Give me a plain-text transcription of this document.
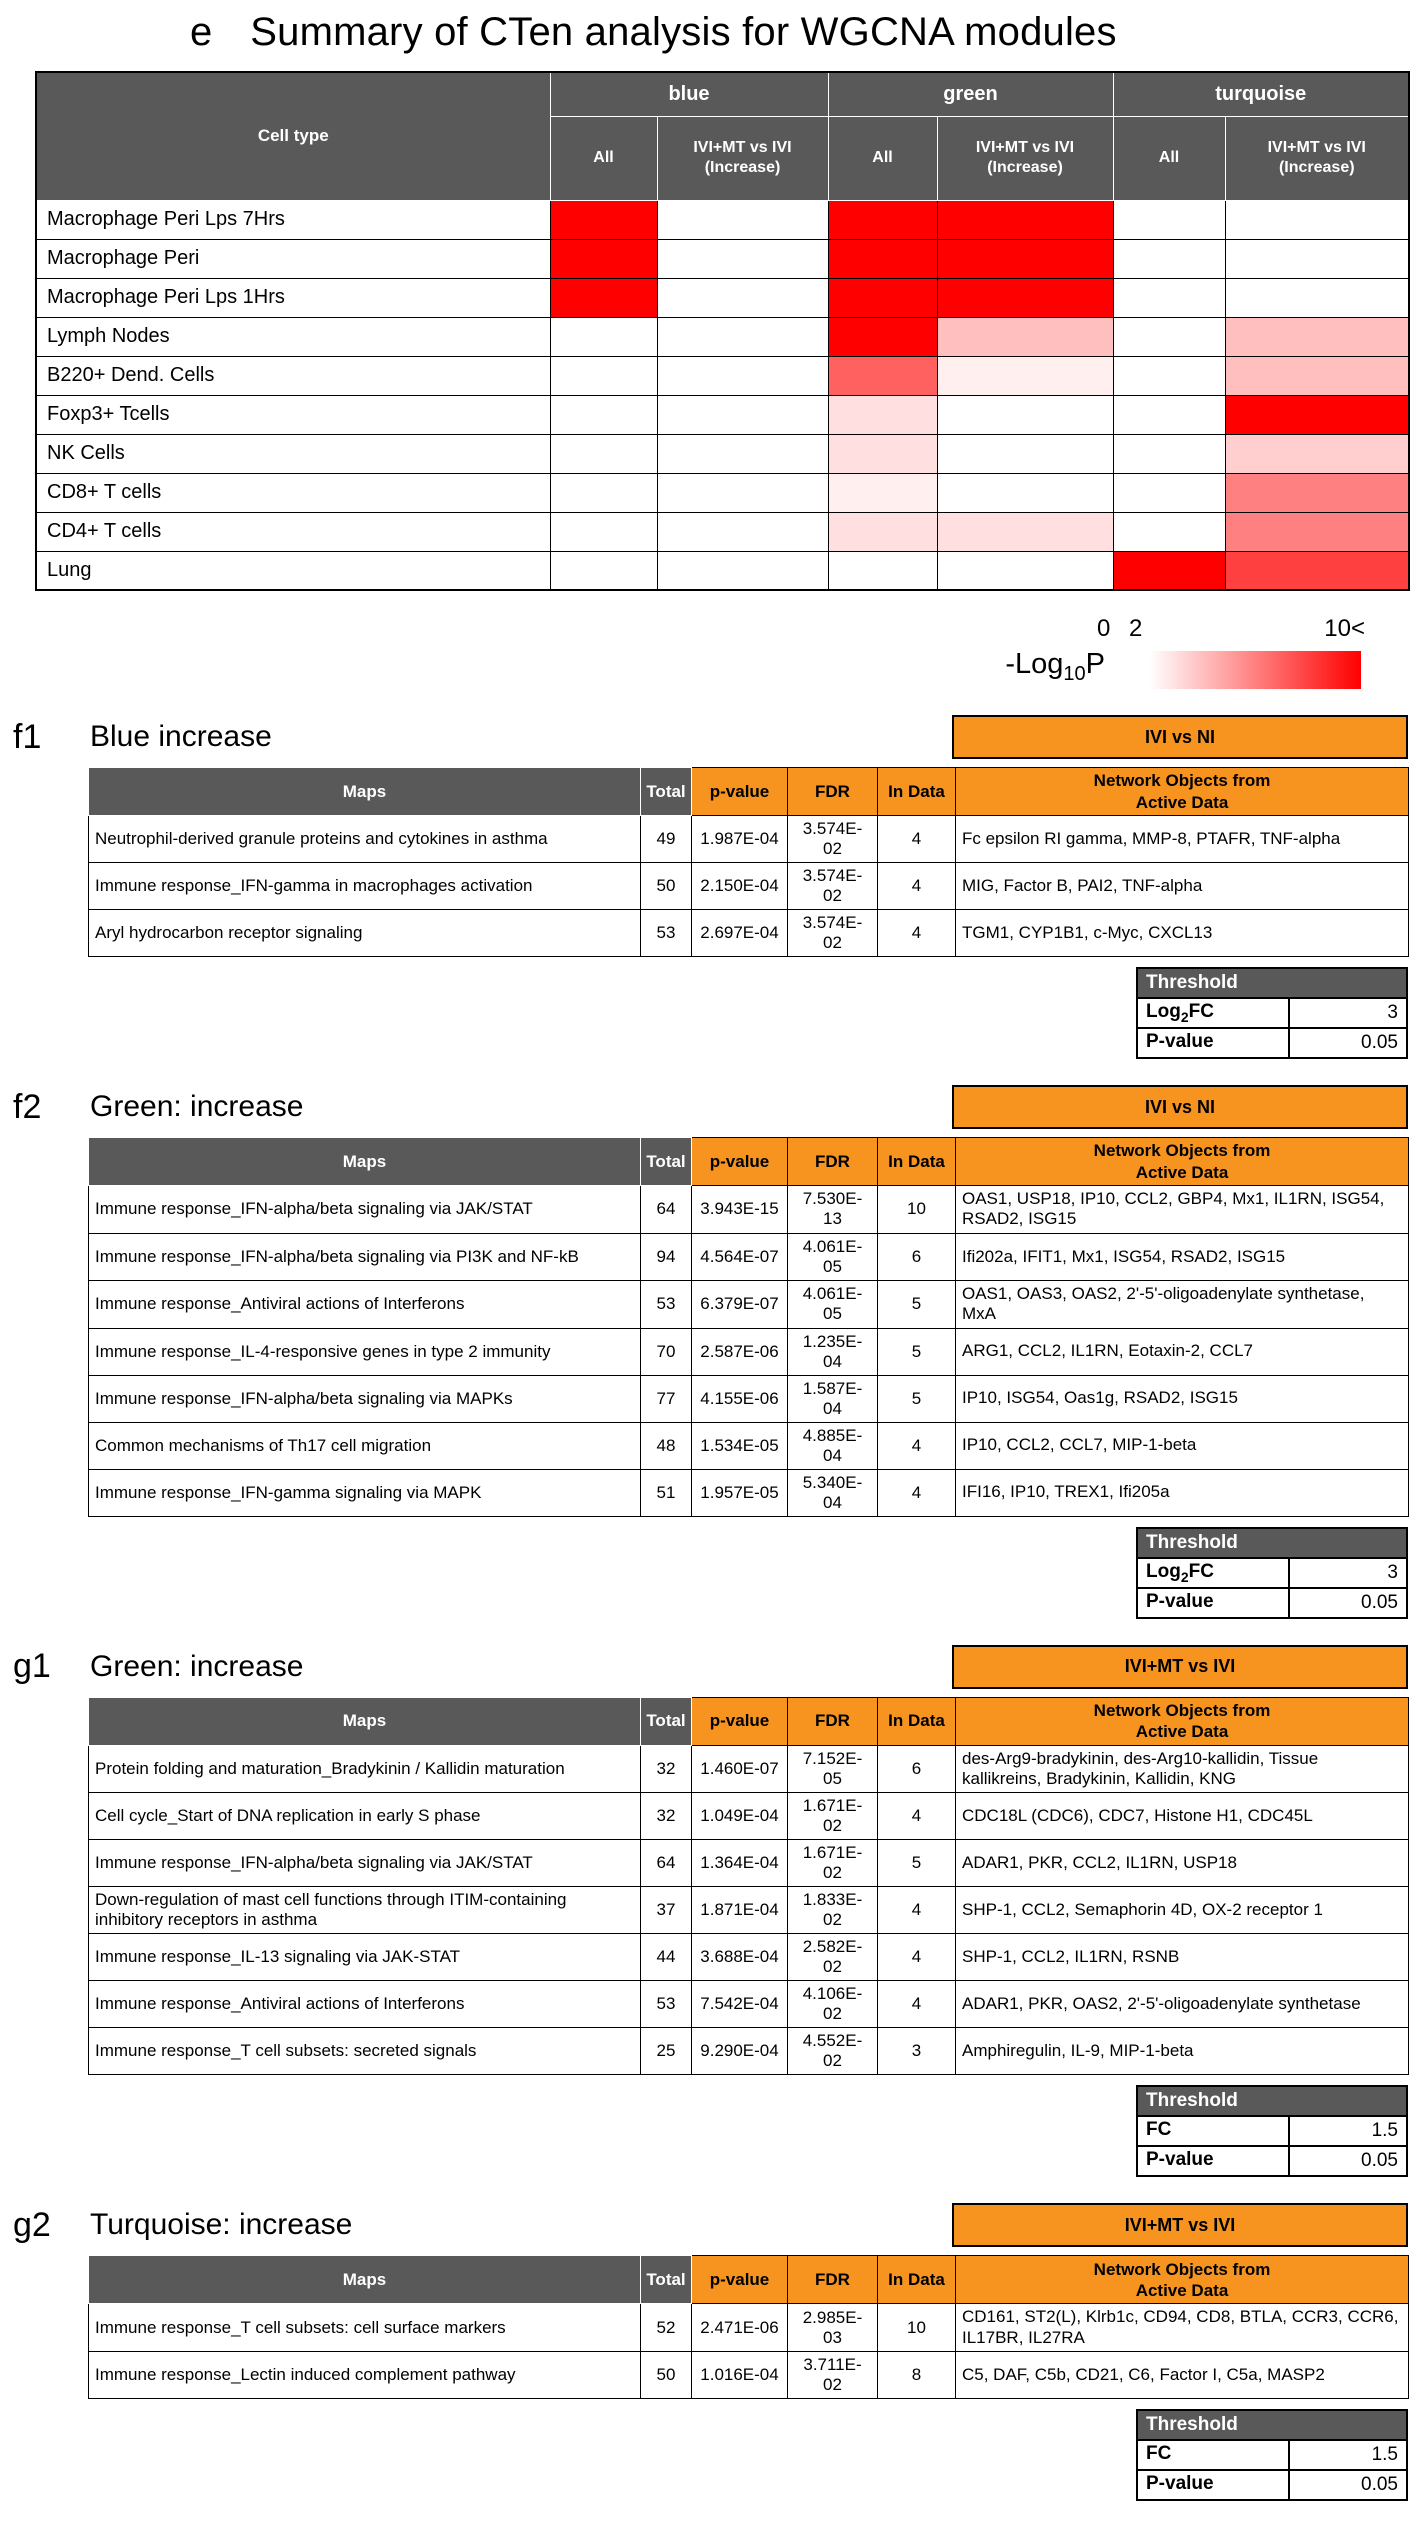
e Summary of CTen analysis for WGCNA modules
Cell type	blue		green		turquoise	
	All	IVI+MT vs IVI (Increase)	All	IVI+MT vs IVI (Increase)	All	IVI+MT vs IVI (Increase)
Macrophage Peri Lps 7Hrs						
Macrophage Peri						
Macrophage Peri Lps 1Hrs						
Lymph Nodes						
B220+ Dend. Cells						
Foxp3+ Tcells						
NK Cells						
CD8+ T cells						
CD4+ T cells						
Lung						
-Log$_{10}$P
0 2	10<
f1	Blue increase	IVI vs NI
Maps	Total	p-value	FDR	In Data	Network Objects from
Active Data

Neutrophil-derived granule proteins and cytokines in asthma	49	1.987E-04	3.574E-02	4	Fc epsilon RI gamma, MMP-8, PTAFR, TNF-alpha
Immune response_IFN-gamma in macrophages activation	50	2.150E-04	3.574E-02	4	MIG, Factor B, PAI2, TNF-alpha
Aryl hydrocarbon receptor signaling	53	2.697E-04	3.574E-02	4	TGM1, CYP1B1, c-Myc, CXCL13
Threshold	
Log$_2$FC	3
P-value	0.05
f2	Green: increase	IVI vs NI
Maps	Total	p-value	FDR	In Data	Network Objects from
Active Data

Immune response_IFN-alpha/beta signaling via JAK/STAT	64	3.943E-15	7.530E-13	10	OAS1, USP18, IP10, CCL2, GBP4, Mx1, IL1RN, ISG54, RSAD2, ISG15
Immune response_IFN-alpha/beta signaling via PI3K and NF-kB	94	4.564E-07	4.061E-05	6	Ifi202a, IFIT1, Mx1, ISG54, RSAD2, ISG15
Immune response_Antiviral actions of Interferons	53	6.379E-07	4.061E-05	5	OAS1, OAS3, OAS2, 2'-5'-oligoadenylate synthetase, MxA
Immune response_IL-4-responsive genes in type 2 immunity	70	2.587E-06	1.235E-04	5	ARG1, CCL2, IL1RN, Eotaxin-2, CCL7
Immune response_IFN-alpha/beta signaling via MAPKs	77	4.155E-06	1.587E-04	5	IP10, ISG54, Oas1g, RSAD2, ISG15
Common mechanisms of Th17 cell migration	48	1.534E-05	4.885E-04	4	IP10, CCL2, CCL7, MIP-1-beta
Immune response_IFN-gamma signaling via MAPK	51	1.957E-05	5.340E-04	4	IFI16, IP10, TREX1, Ifi205a
Threshold	
Log$_2$FC	3
P-value	0.05
g1	Green: increase	IVI+MT vs IVI
Maps	Total	p-value	FDR	In Data	Network Objects from
Active Data

Protein folding and maturation_Bradykinin / Kallidin maturation	32	1.460E-07	7.152E-05	6	des-Arg9-bradykinin, des-Arg10-kallidin, Tissue kallikreins, Bradykinin, Kallidin, KNG
Cell cycle_Start of DNA replication in early S phase	32	1.049E-04	1.671E-02	4	CDC18L (CDC6), CDC7, Histone H1, CDC45L
Immune response_IFN-alpha/beta signaling via JAK/STAT	64	1.364E-04	1.671E-02	5	ADAR1, PKR, CCL2, IL1RN, USP18
Down-regulation of mast cell functions through ITIM-containing inhibitory receptors in asthma	37	1.871E-04	1.833E-02	4	SHP-1, CCL2, Semaphorin 4D, OX-2 receptor 1
Immune response_IL-13 signaling via JAK-STAT	44	3.688E-04	2.582E-02	4	SHP-1, CCL2, IL1RN, RSNB
Immune response_Antiviral actions of Interferons	53	7.542E-04	4.106E-02	4	ADAR1, PKR, OAS2, 2'-5'-oligoadenylate synthetase
Immune response_T cell subsets: secreted signals	25	9.290E-04	4.552E-02	3	Amphiregulin, IL-9, MIP-1-beta
Threshold	
FC	1.5
P-value	0.05
g2	Turquoise: increase	IVI+MT vs IVI
Maps	Total	p-value	FDR	In Data	Network Objects from
Active Data

Immune response_T cell subsets: cell surface markers	52	2.471E-06	2.985E-03	10	CD161, ST2(L), Klrb1c, CD94, CD8, BTLA, CCR3, CCR6, IL17BR, IL27RA
Immune response_Lectin induced complement pathway	50	1.016E-04	3.711E-02	8	C5, DAF, C5b, CD21, C6, Factor I, C5a, MASP2
Threshold	
FC	1.5
P-value	0.05
